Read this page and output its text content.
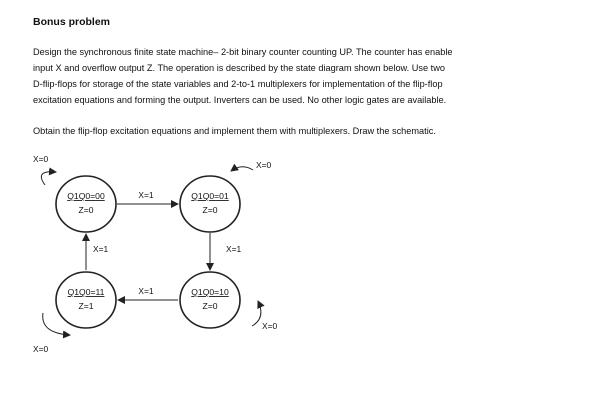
Bonus problem
Design the synchronous finite state machine– 2-bit binary counter counting UP. The counter has enable
input X and overflow output Z. The operation is described by the state diagram shown below. Use two
D-flip-flops for storage of the state variables and 2-to-1 multiplexers for implementation of the flip-flop
excitation equations and forming the output. Inverters can be used. No other logic gates are available.
Obtain the flip-flop excitation equations and implement them with multiplexers. Draw the schematic.
Q1Q0=00
Z=0
Q1Q0=01
Z=0
Q1Q0=10
Z=0
Q1Q0=11
Z=1
X=1
X=1
X=1
X=1
X=0
X=0
X=0
X=0
